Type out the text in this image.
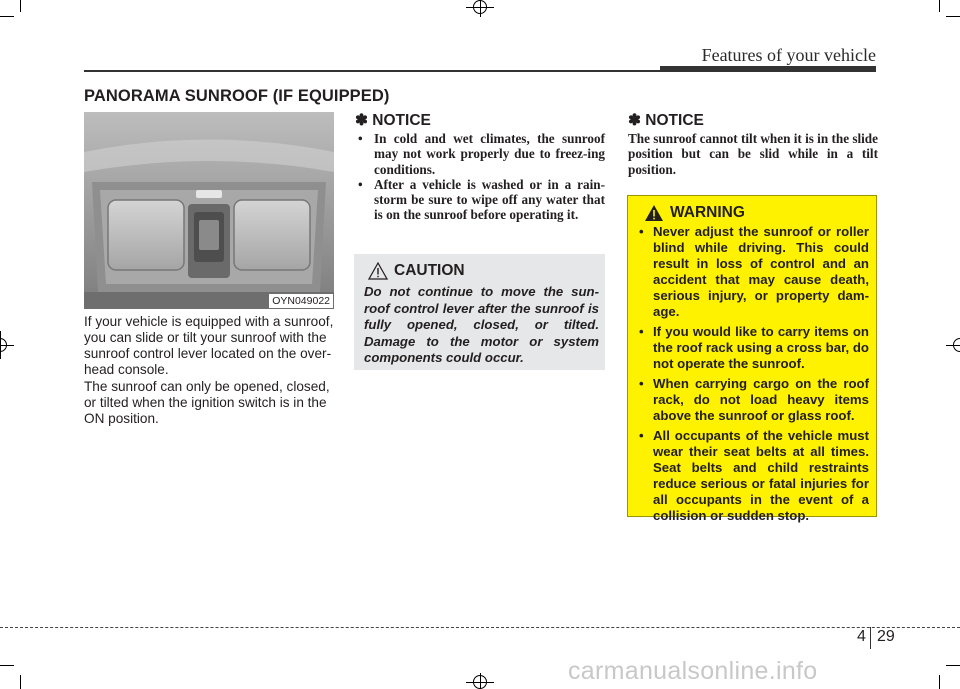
Features of your vehicle
PANORAMA SUNROOF (IF EQUIPPED)
OYN049022
If your vehicle is equipped with a sunroof, you can slide or tilt your sunroof with the sunroof control lever located on the over-head console.
The sunroof can only be opened, closed, or tilted when the ignition switch is in the ON position.
✽ NOTICE
• In cold and wet climates, the sunroof may not work properly due to freez-ing conditions.
• After a vehicle is washed or in a rain-storm be sure to wipe off any water that is on the sunroof before operating it.
CAUTION
Do not continue to move the sun-roof control lever after the sunroof is fully opened, closed, or tilted. Damage to the motor or system components could occur.
✽ NOTICE
The sunroof cannot tilt when it is in the slide position but can be slid while in a tilt position.
WARNING
• Never adjust the sunroof or roller blind while driving. This could result in loss of control and an accident that may cause death, serious injury, or property dam-age.
• If you would like to carry items on the roof rack using a cross bar, do not operate the sunroof.
• When carrying cargo on the roof rack, do not load heavy items above the sunroof or glass roof.
• All occupants of the vehicle must wear their seat belts at all times. Seat belts and child restraints reduce serious or fatal injuries for all occupants in the event of a collision or sudden stop.
4 29
carmanualsonline.info
